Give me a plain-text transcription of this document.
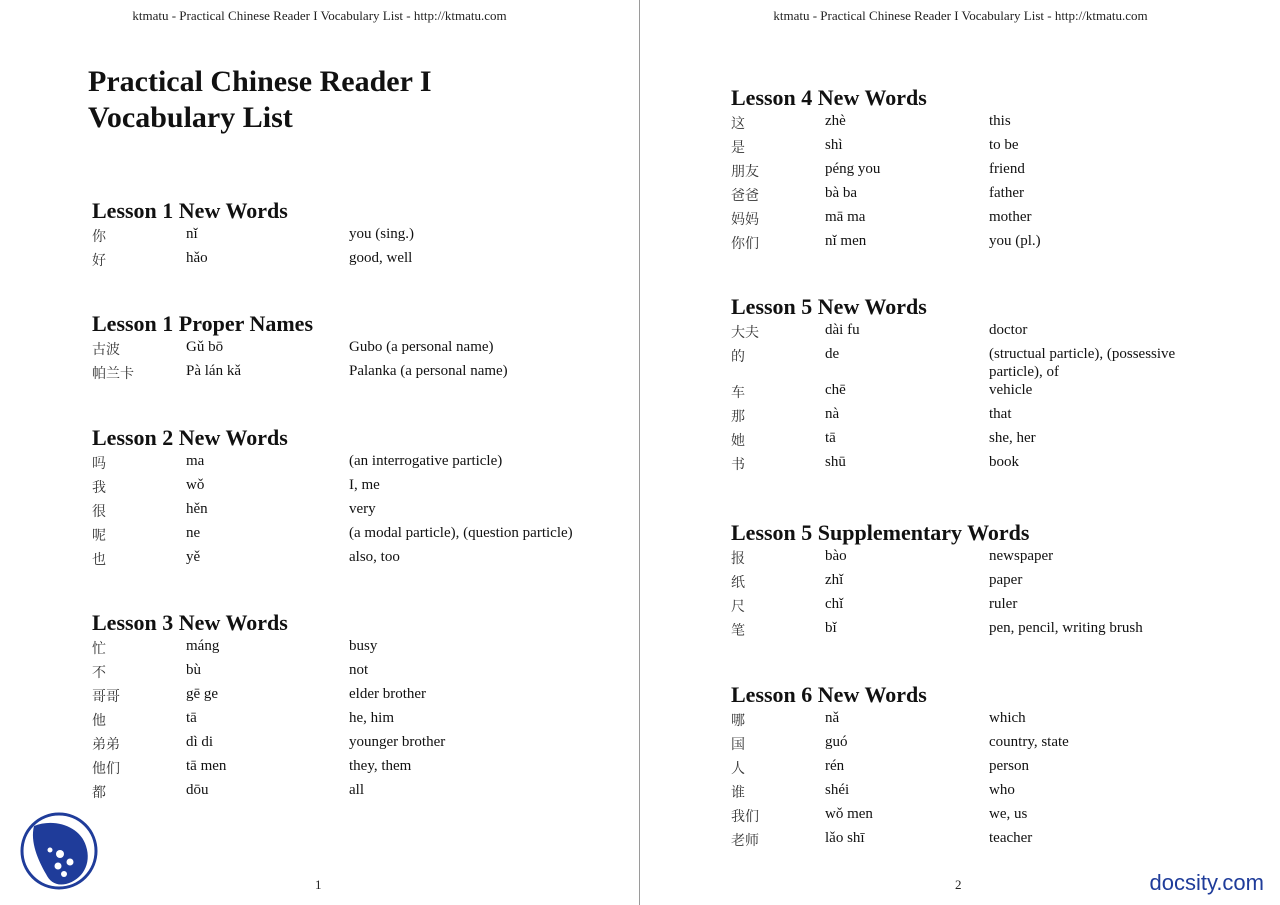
ktmatu - Practical Chinese Reader I Vocabulary List - http://ktmatu.com
Practical Chinese Reader I
Vocabulary List
1
Lesson 1 New Words
你	nǐ	you (sing.)
好	hǎo	good, well
Lesson 1 Proper Names
古波	Gǔ bō	Gubo (a personal name)
帕兰卡	Pà lán kǎ	Palanka (a personal name)
Lesson 2 New Words
吗	ma	(an interrogative particle)
我	wǒ	I, me
很	hěn	very
呢	ne	(a modal particle), (question particle)
也	yě	also, too
Lesson 3 New Words
忙	máng	busy
不	bù	not
哥哥	gē ge	elder brother
他	tā	he, him
弟弟	dì di	younger brother
他们	tā men	they, them
都	dōu	all
ktmatu - Practical Chinese Reader I Vocabulary List - http://ktmatu.com
2
Lesson 4 New Words
这	zhè	this
是	shì	to be
朋友	péng you	friend
爸爸	bà ba	father
妈妈	mā ma	mother
你们	nǐ men	you (pl.)
Lesson 5 New Words
大夫	dài fu	doctor
的	de	(structual particle), (possessive particle), of
车	chē	vehicle
那	nà	that
她	tā	she, her
书	shū	book
Lesson 5 Supplementary Words
报	bào	newspaper
纸	zhǐ	paper
尺	chǐ	ruler
笔	bǐ	pen, pencil, writing brush
Lesson 6 New Words
哪	nǎ	which
国	guó	country, state
人	rén	person
谁	shéi	who
我们	wǒ men	we, us
老师	lǎo shī	teacher
docsity.com
